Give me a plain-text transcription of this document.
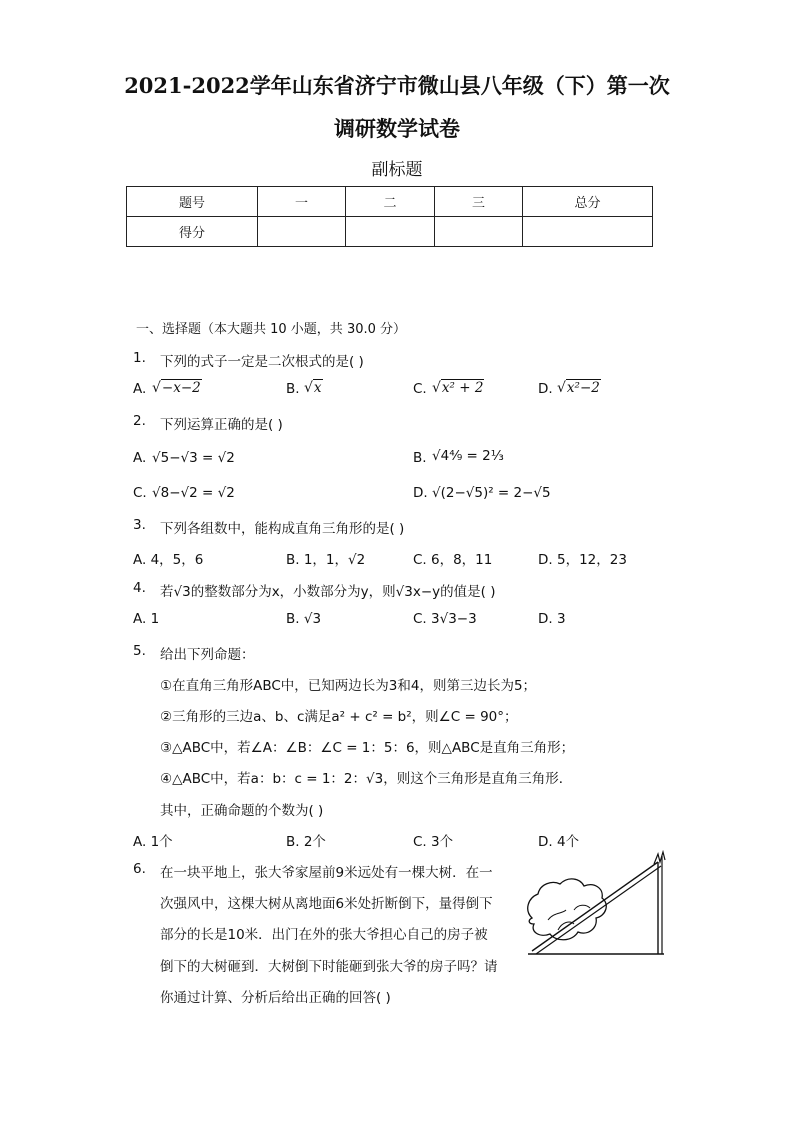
2021-2022学年山东省济宁市微山县八年级（下）第一次
调研数学试卷
副标题
题号	一	二	三	总分
得分				
一、选择题（本大题共 10 小题，共 30.0 分）
1. 下列的式子一定是二次根式的是( )
A. √−x−2	B. √x	C. √x² + 2	D. √x²−2
2. 下列运算正确的是( )
A. √5−√3 = √2	B. √4⁴⁄₉ = 2⅓
C. √8−√2 = √2	D. √(2−√5)² = 2−√5
3. 下列各组数中，能构成直角三角形的是( )
A. 4，5，6	B. 1，1，√2	C. 6，8，11	D. 5，12，23
4. 若√3的整数部分为x，小数部分为y，则√3x−y的值是( )
A. 1	B. √3	C. 3√3−3	D. 3
5. 给出下列命题：
①在直角三角形ABC中，已知两边长为3和4，则第三边长为5；
②三角形的三边a、b、c满足a² + c² = b²，则∠C = 90°；
③△ABC中，若∠A：∠B：∠C = 1：5：6，则△ABC是直角三角形；
④△ABC中，若a：b：c = 1：2：√3，则这个三角形是直角三角形．
其中，正确命题的个数为( )
A. 1个	B. 2个	C. 3个	D. 4个
6. 在一块平地上，张大爷家屋前9米远处有一棵大树．在一
次强风中，这棵大树从离地面6米处折断倒下，量得倒下
部分的长是10米．出门在外的张大爷担心自己的房子被
倒下的大树砸到．大树倒下时能砸到张大爷的房子吗？请
你通过计算、分析后给出正确的回答( )
